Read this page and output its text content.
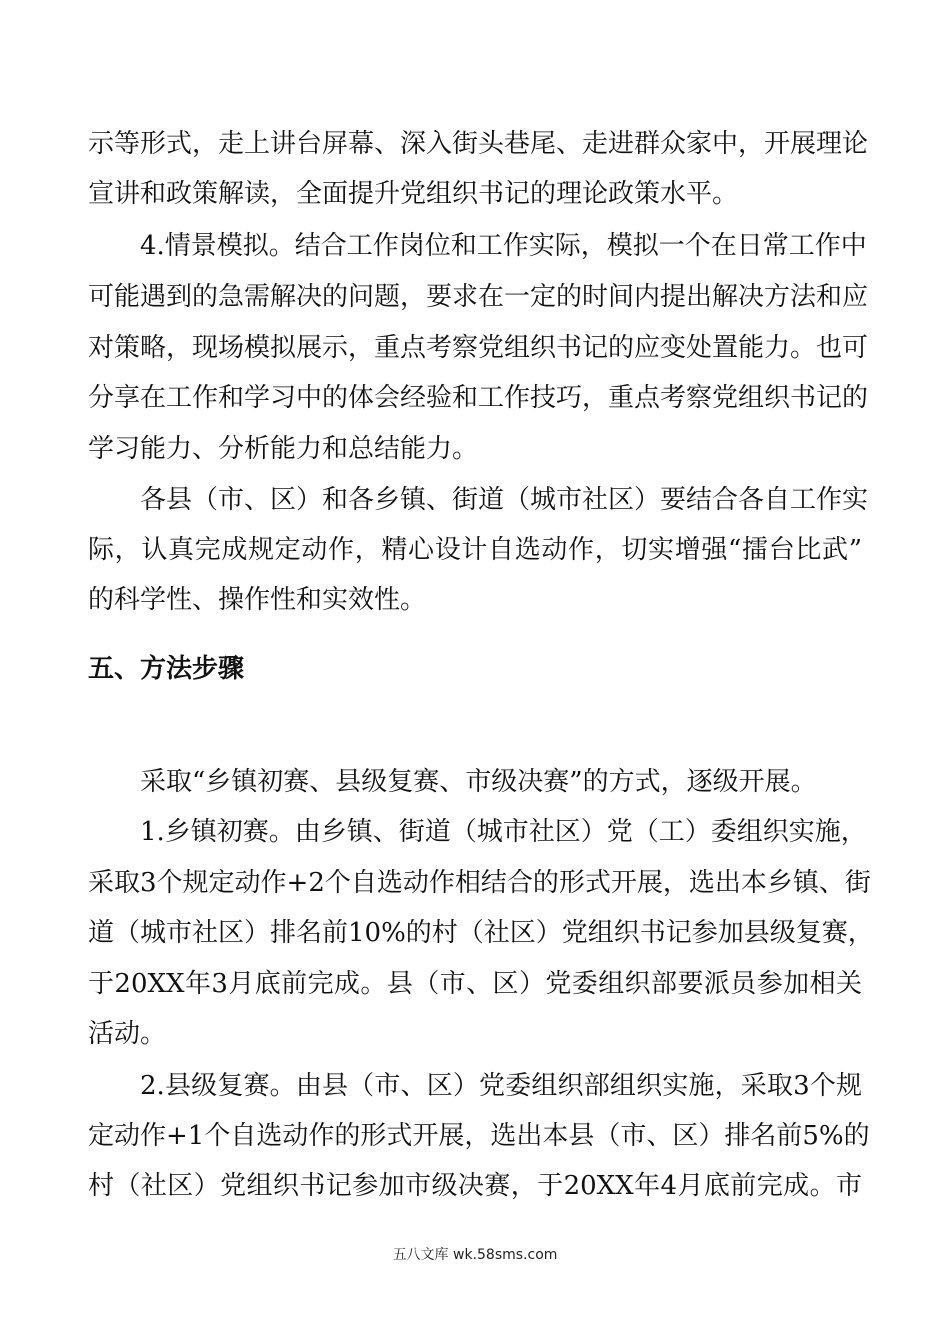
示等形式，走上讲台屏幕、深入街头巷尾、走进群众家中，开展理论
宣讲和政策解读，全面提升党组织书记的理论政策水平。
4.情景模拟。结合工作岗位和工作实际，模拟一个在日常工作中
可能遇到的急需解决的问题，要求在一定的时间内提出解决方法和应
对策略，现场模拟展示，重点考察党组织书记的应变处置能力。也可
分享在工作和学习中的体会经验和工作技巧，重点考察党组织书记的
学习能力、分析能力和总结能力。
各县（市、区）和各乡镇、街道（城市社区）要结合各自工作实
际，认真完成规定动作，精心设计自选动作，切实增强“擂台比武”
的科学性、操作性和实效性。
五、方法步骤
采取“乡镇初赛、县级复赛、市级决赛”的方式，逐级开展。
1.乡镇初赛。由乡镇、街道（城市社区）党（工）委组织实施，
采取3个规定动作+2个自选动作相结合的形式开展，选出本乡镇、街
道（城市社区）排名前10%的村（社区）党组织书记参加县级复赛，
于20XX年3月底前完成。县（市、区）党委组织部要派员参加相关
活动。
2.县级复赛。由县（市、区）党委组织部组织实施，采取3个规
定动作+1个自选动作的形式开展，选出本县（市、区）排名前5%的
村（社区）党组织书记参加市级决赛，于20XX年4月底前完成。市
五八文库 wk.58sms.com
